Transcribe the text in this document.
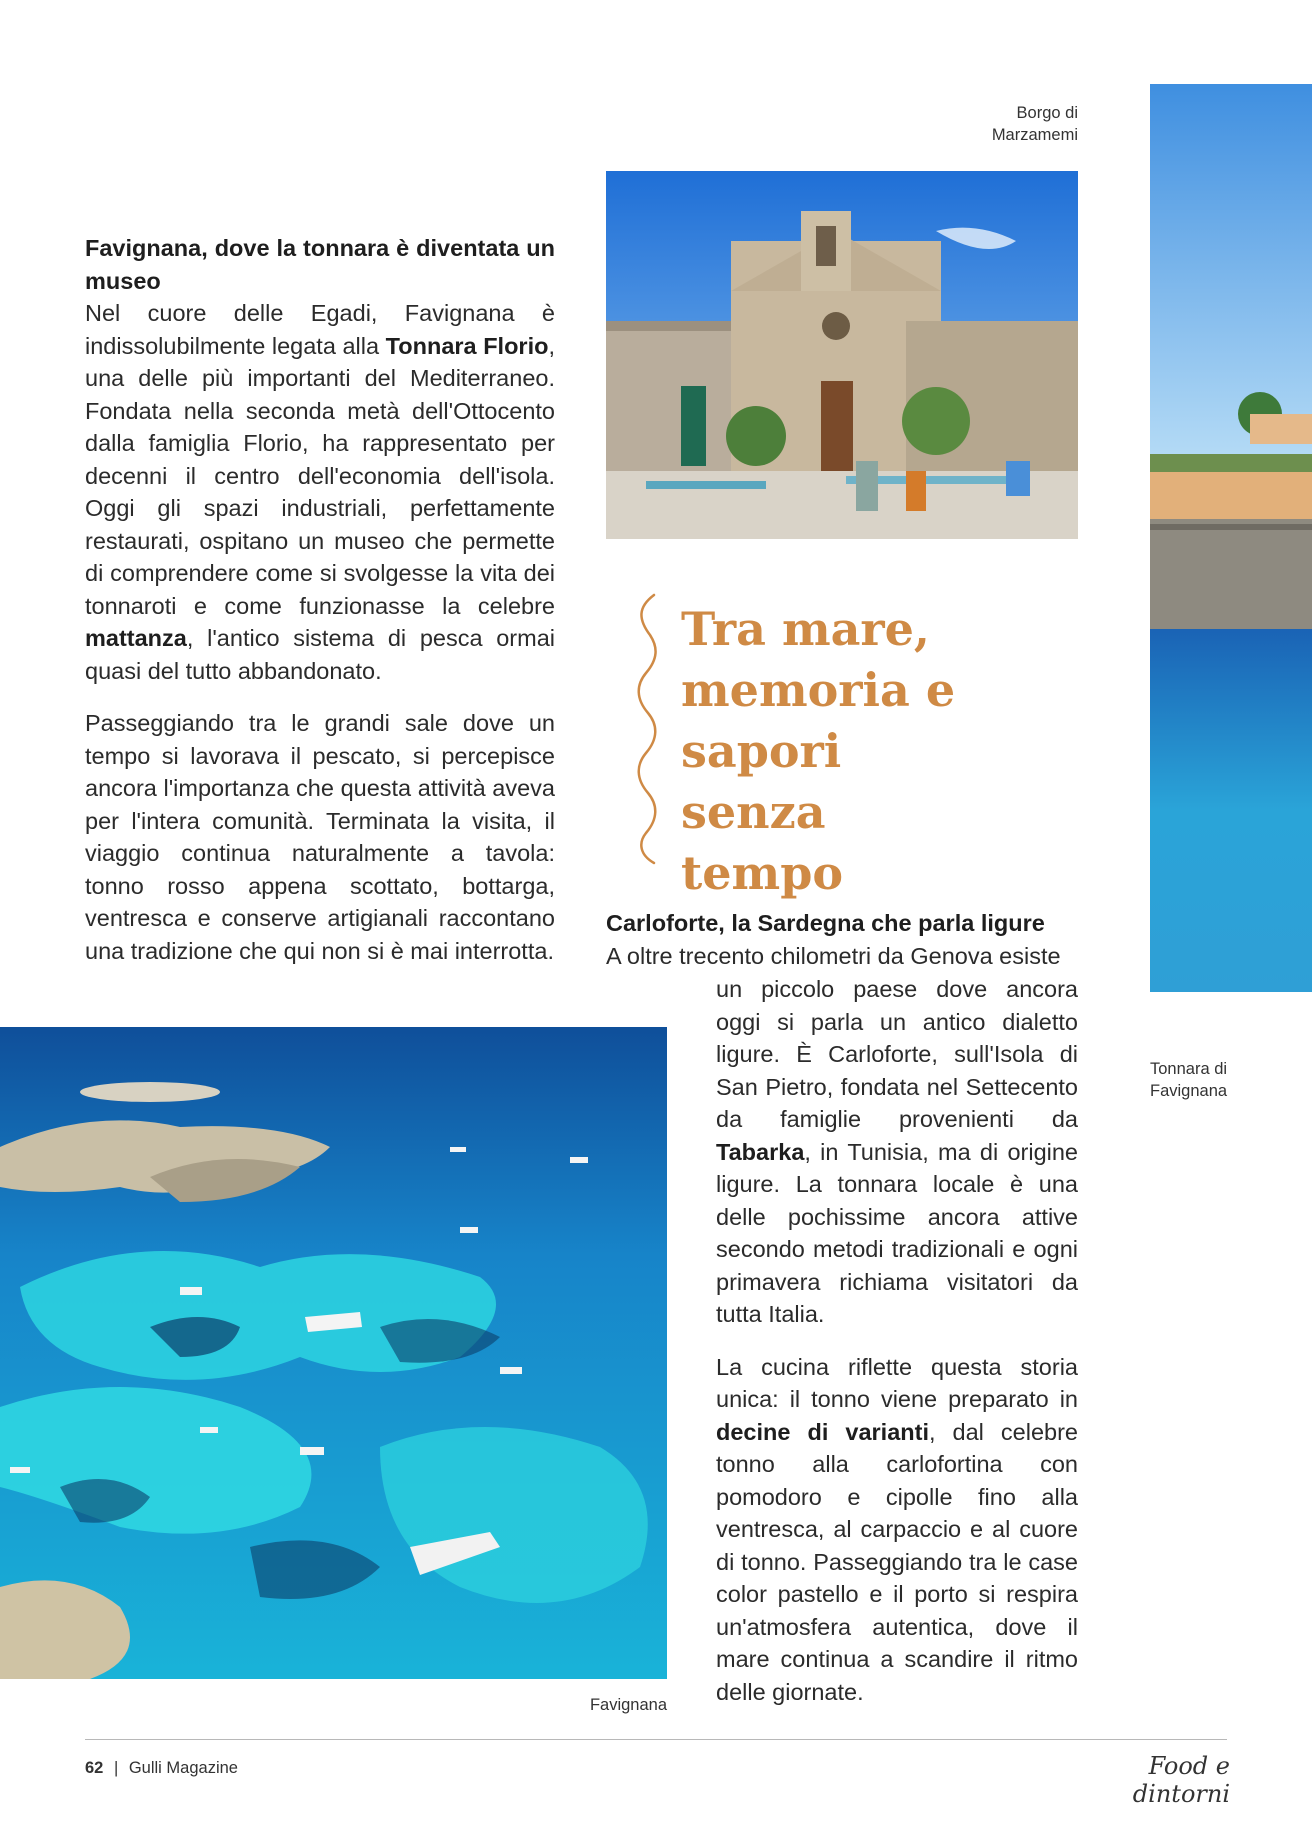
Favignana, dove la tonnara è diventata un museo

Nel cuore delle Egadi, Favignana è indissolubilmente legata alla Tonnara Florio, una delle più importanti del Mediterraneo. Fondata nella seconda metà dell'Ottocento dalla famiglia Florio, ha rappresentato per decenni il centro dell'economia dell'isola. Oggi gli spazi industriali, perfettamente restaurati, ospitano un museo che permette di comprendere come si svolgesse la vita dei tonnaroti e come funzionasse la celebre mattanza, l'antico sistema di pesca ormai quasi del tutto abbandonato.

Passeggiando tra le grandi sale dove un tempo si lavorava il pescato, si percepisce ancora l'importanza che questa attività aveva per l'intera comunità. Terminata la visita, il viaggio continua naturalmente a tavola: tonno rosso appena scottato, bottarga, ventresca e conserve artigianali raccontano una tradizione che qui non si è mai interrotta.

Borgo di Marzamemi
Tonnara di Favignana

Tra mare, memoria e sapori senza tempo

Carloforte, la Sardegna che parla ligure

A oltre trecento chilometri da Genova esiste

un piccolo paese dove ancora oggi si parla un antico dialetto ligure. È Carloforte, sull'Isola di San Pietro, fondata nel Settecento da famiglie provenienti da Tabarka, in Tunisia, ma di origine ligure. La tonnara locale è una delle pochissime ancora attive secondo metodi tradizionali e ogni primavera richiama visitatori da tutta Italia.

La cucina riflette questa storia unica: il tonno viene preparato in decine di varianti, dal celebre tonno alla carlofortina con pomodoro e cipolle fino alla ventresca, al carpaccio e al cuore di tonno. Passeggiando tra le case color pastello e il porto si respira un'atmosfera autentica, dove il mare continua a scandire il ritmo delle giornate.

Favignana
62 | Gulli Magazine	Food e dintorni
